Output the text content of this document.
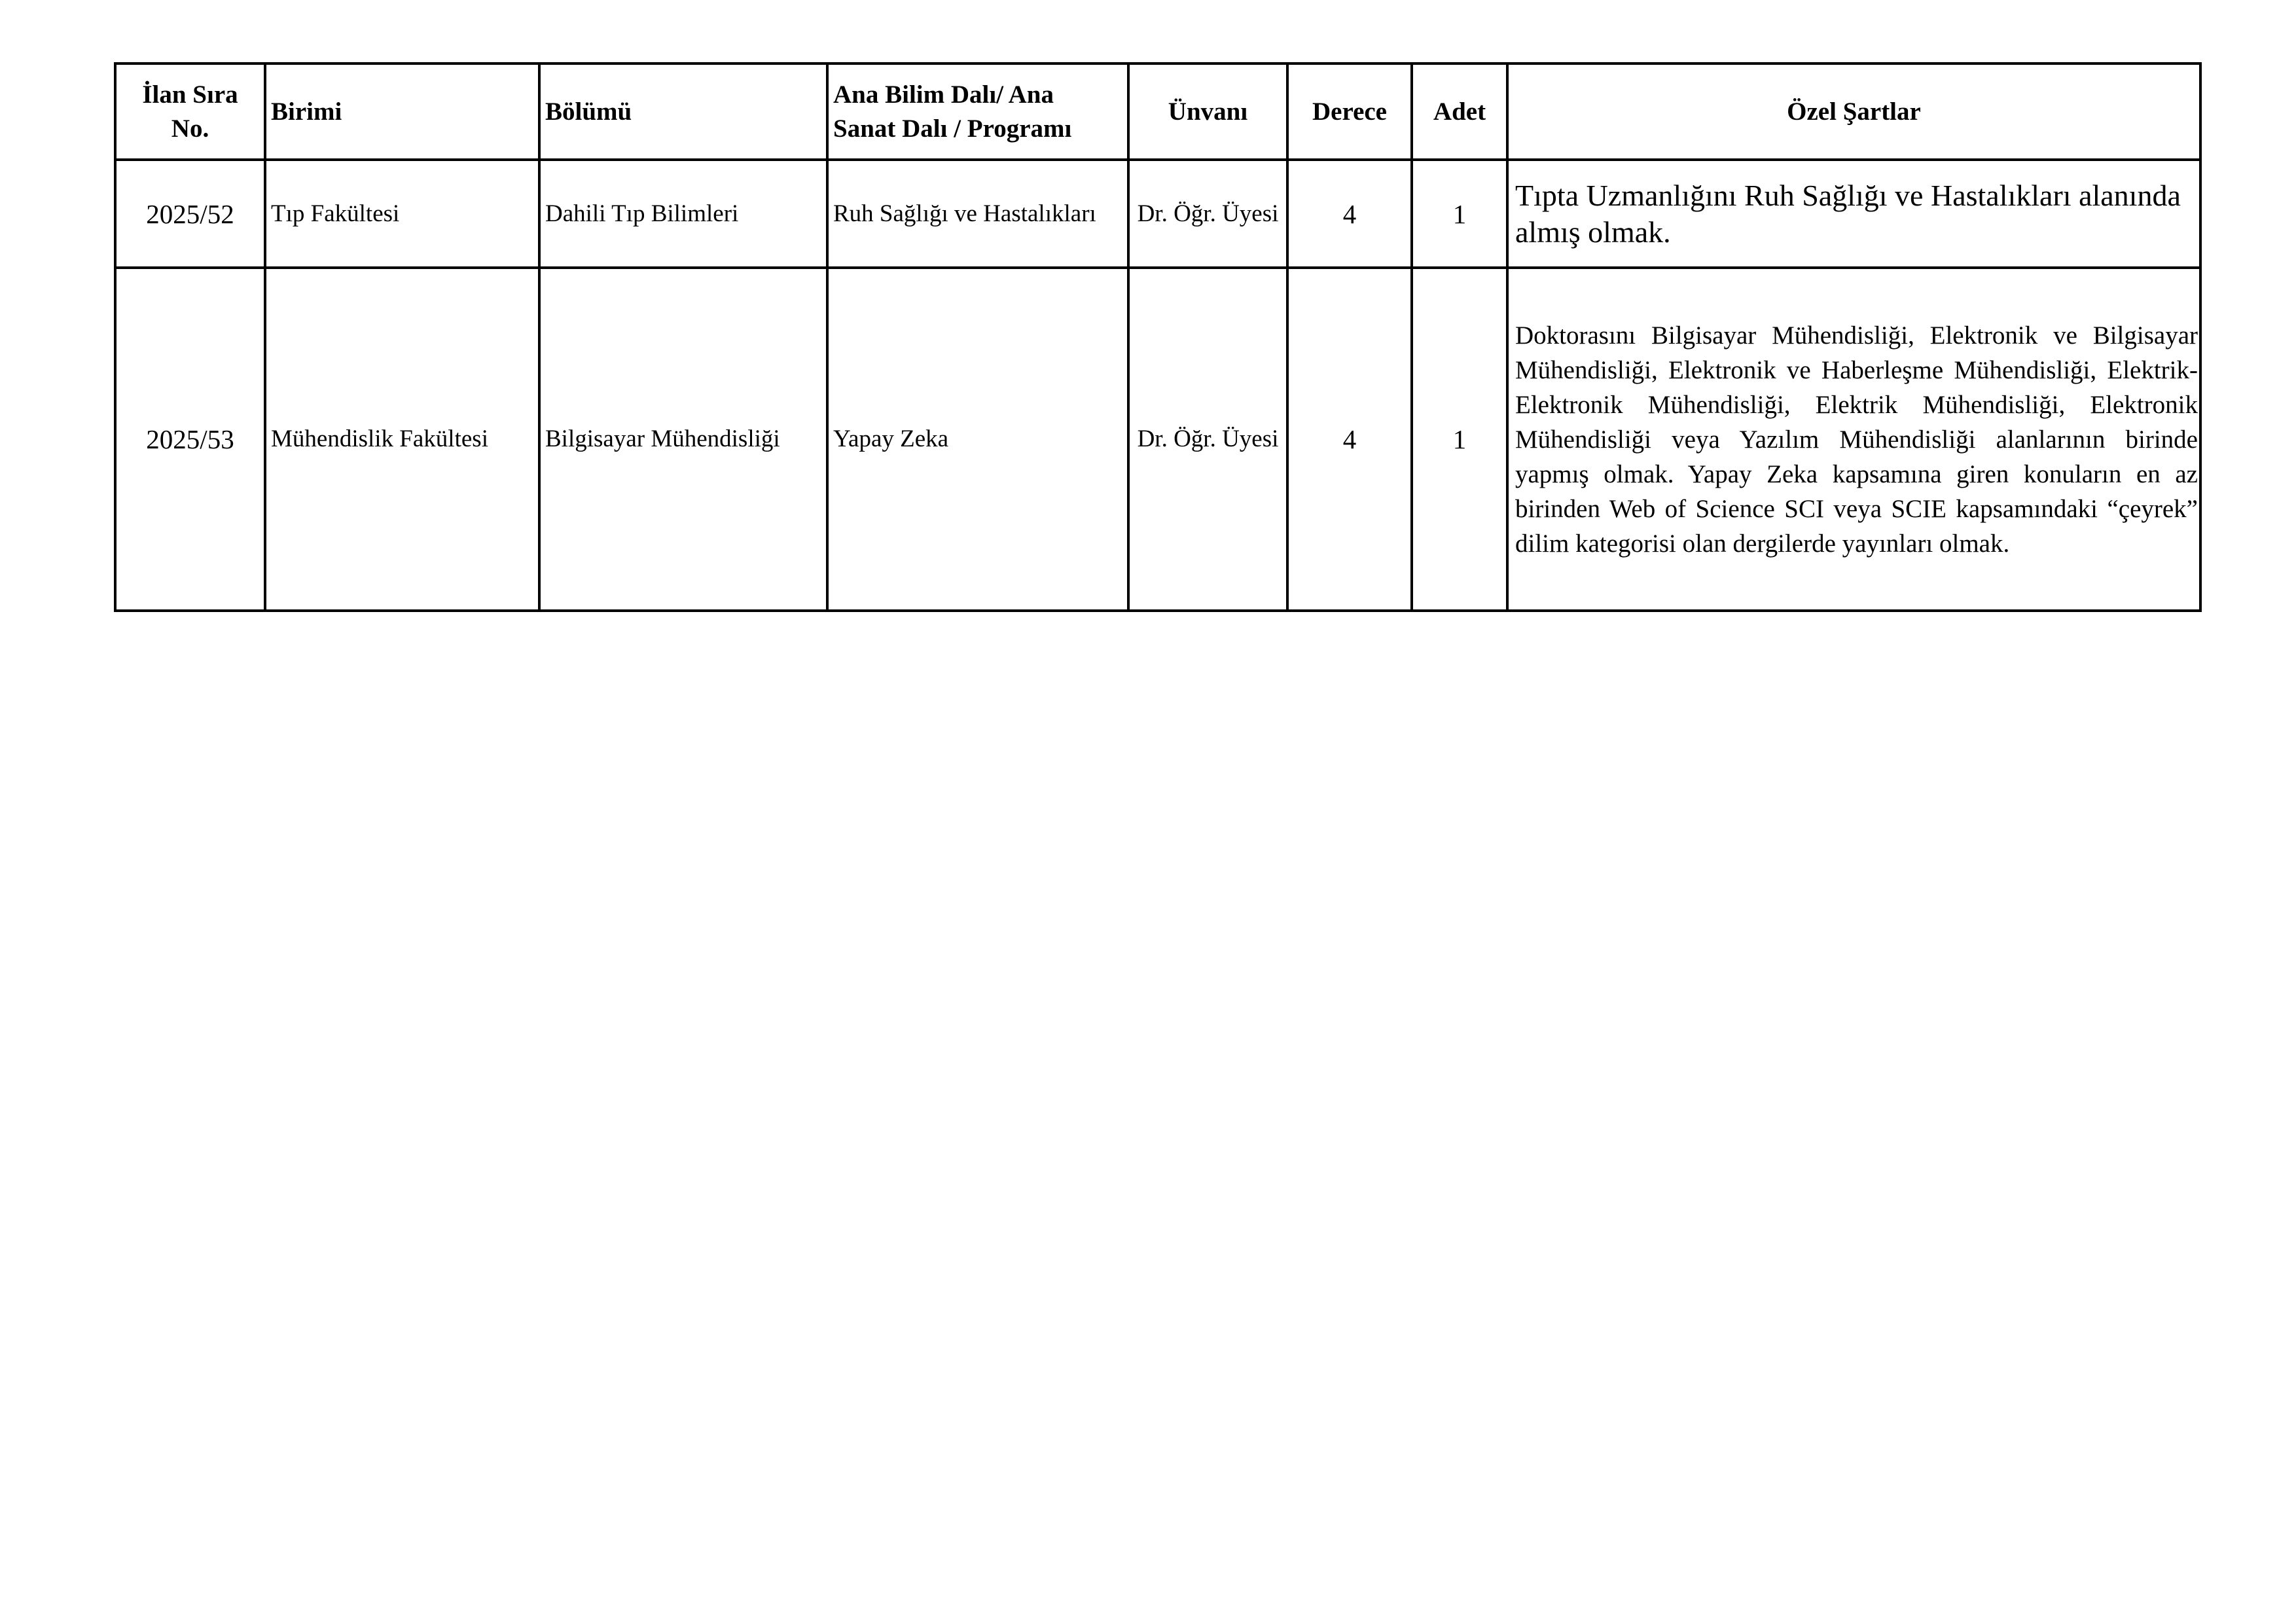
İlan Sıra No.	Birimi	Bölümü	Ana Bilim Dalı/ Ana Sanat Dalı / Programı	Ünvanı	Derece	Adet	Özel Şartlar
2025/52	Tıp Fakültesi	Dahili Tıp Bilimleri	Ruh Sağlığı ve Hastalıkları	Dr. Öğr. Üyesi	4	1	Tıpta Uzmanlığını Ruh Sağlığı ve Hastalıkları alanında almış olmak.
2025/53	Mühendislik Fakültesi	Bilgisayar Mühendisliği	Yapay Zeka	Dr. Öğr. Üyesi	4	1	Doktorasını Bilgisayar Mühendisliği, Elektronik ve Bilgisayar Mühendisliği, Elektronik ve Haberleşme Mühendisliği, Elektrik-Elektronik Mühendisliği, Elektrik Mühendisliği, Elektronik Mühendisliği veya Yazılım Mühendisliği alanlarının birinde yapmış olmak. Yapay Zeka kapsamına giren konuların en az birinden Web of Science SCI veya SCIE kapsamındaki “çeyrek” dilim kategorisi olan dergilerde yayınları olmak.
